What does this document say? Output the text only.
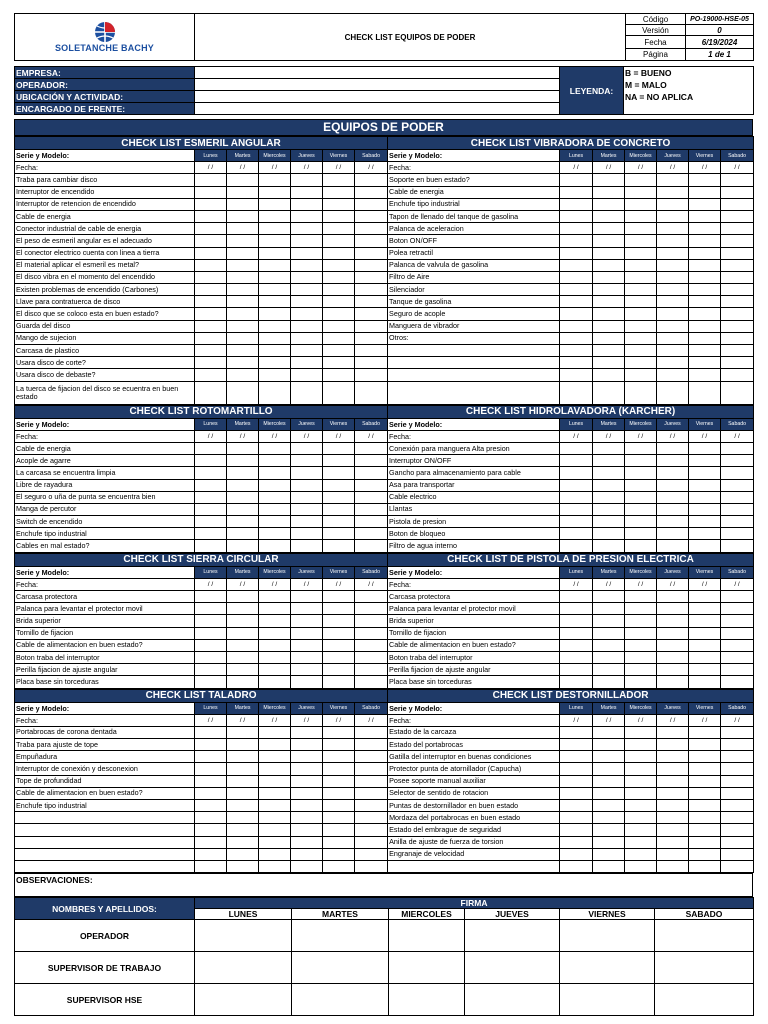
SOLETANCHE BACHY	CHECK LIST EQUIPOS DE PODER	Código	PO-19000-HSE-05
		Versión	0
		Fecha	6/19/2024
		Página	1 de 1
EMPRESA:		LEYENDA:	B = BUENO
OPERADOR:			M = MALO
UBICACIÓN Y ACTIVIDAD:			NA = NO APLICA
ENCARGADO DE FRENTE:			
EQUIPOS DE PODER
CHECK LIST ESMERIL ANGULAR							CHECK LIST VIBRADORA DE CONCRETO						
Serie y Modelo:	Lunes	Martes	Miercoles	Jueves	Viernes	Sabado	Serie y Modelo:	Lunes	Martes	Miercoles	Jueves	Viernes	Sabado
Fecha:	/ /	/ /	/ /	/ /	/ /	/ /	Fecha:	/ /	/ /	/ /	/ /	/ /	/ /
Traba para cambiar disco							Soporte en buen estado?						
Interruptor de encendido							Cable de energia						
Interruptor de retencion de encendido							Enchufe tipo industrial						
Cable de energia							Tapon de llenado del tanque de gasolina						
Conector industrial de cable de energia							Palanca de aceleracion						
El peso de esmeril angular es el adecuado							Boton ON/OFF						
El conector electrico cuenta con linea a tierra							Polea retractil						
El material aplicar el esmeril es metal?							Palanca de valvula de gasolina						
El disco vibra en el momento del encendido							Filtro de Aire						
Existen problemas de encendido (Carbones)							Silenciador						
Llave para contratuerca de disco							Tanque de gasolina						
El disco que se coloco esta en buen estado?							Seguro de acople						
Guarda del disco							Manguera de vibrador						
Mango de sujecion							Otros:						
Carcasa de plastico													
Usara disco de corte?													
Usara disco de debaste?													
La tuerca de fijacion del disco se ecuentra en buen estado													
CHECK LIST ROTOMARTILLO							CHECK LIST HIDROLAVADORA (KARCHER)						
Serie y Modelo:	Lunes	Martes	Miercoles	Jueves	Viernes	Sabado	Serie y Modelo:	Lunes	Martes	Miercoles	Jueves	Viernes	Sabado
Fecha:	/ /	/ /	/ /	/ /	/ /	/ /	Fecha:	/ /	/ /	/ /	/ /	/ /	/ /
Cable de energia							Conexión para manguera Alta presion						
Acople de agarre							Interruptor ON/OFF						
La carcasa se encuentra limpia							Gancho para almacenamiento para cable						
Libre de rayadura							Asa para transportar						
El seguro o uña de punta se encuentra bien							Cable electrico						
Manga de percutor							Llantas						
Switch de encendido							Pistola de presion						
Enchufe tipo industrial							Boton de bloqueo						
Cables en mal estado?							Filtro de agua interno						
CHECK LIST SIERRA CIRCULAR							CHECK LIST DE PISTOLA DE PRESION ELECTRICA						
Serie y Modelo:	Lunes	Martes	Miercoles	Jueves	Viernes	Sabado	Serie y Modelo:	Lunes	Martes	Miercoles	Jueves	Viernes	Sabado
Fecha:	/ /	/ /	/ /	/ /	/ /	/ /	Fecha:	/ /	/ /	/ /	/ /	/ /	/ /
Carcasa protectora							Carcasa protectora						
Palanca para levantar el protector movil							Palanca para levantar el protector movil						
Brida superior							Brida superior						
Tornillo de fijacion							Tornillo de fijacion						
Cable de alimentacion en buen estado?							Cable de alimentacion en buen estado?						
Boton traba del interruptor							Boton traba del interruptor						
Perilla fijacion de ajuste angular							Perilla fijacion de ajuste angular						
Placa base sin torceduras							Placa base sin torceduras						
CHECK LIST TALADRO							CHECK LIST DESTORNILLADOR						
Serie y Modelo:	Lunes	Martes	Miercoles	Jueves	Viernes	Sabado	Serie y Modelo:	Lunes	Martes	Miercoles	Jueves	Viernes	Sabado
Fecha:	/ /	/ /	/ /	/ /	/ /	/ /	Fecha:	/ /	/ /	/ /	/ /	/ /	/ /
Portabrocas de corona dentada							Estado de la carcaza						
Traba para ajuste de tope							Estado del portabrocas						
Empuñadura							Gatilla del interruptor en buenas condiciones						
Interruptor de conexión y desconexion							Protector punta de atornillador (Capucha)						
Tope de profundidad							Posee soporte manual auxiliar						
Cable de alimentacion en buen estado?							Selector de sentido de rotacion						
Enchufe tipo industrial							Puntas de destornillador en buen estado						
							Mordaza del portabrocas en buen estado						
							Estado del embrague de seguridad						
							Anilla de ajuste de fuerza de torsion						
							Engranaje de velocidad						

OBSERVACIONES:

NOMBRES Y APELLIDOS:	FIRMA					
	LUNES	MARTES	MIERCOLES	JUEVES	VIERNES	SABADO
OPERADOR						
SUPERVISOR DE TRABAJO						
SUPERVISOR HSE						
